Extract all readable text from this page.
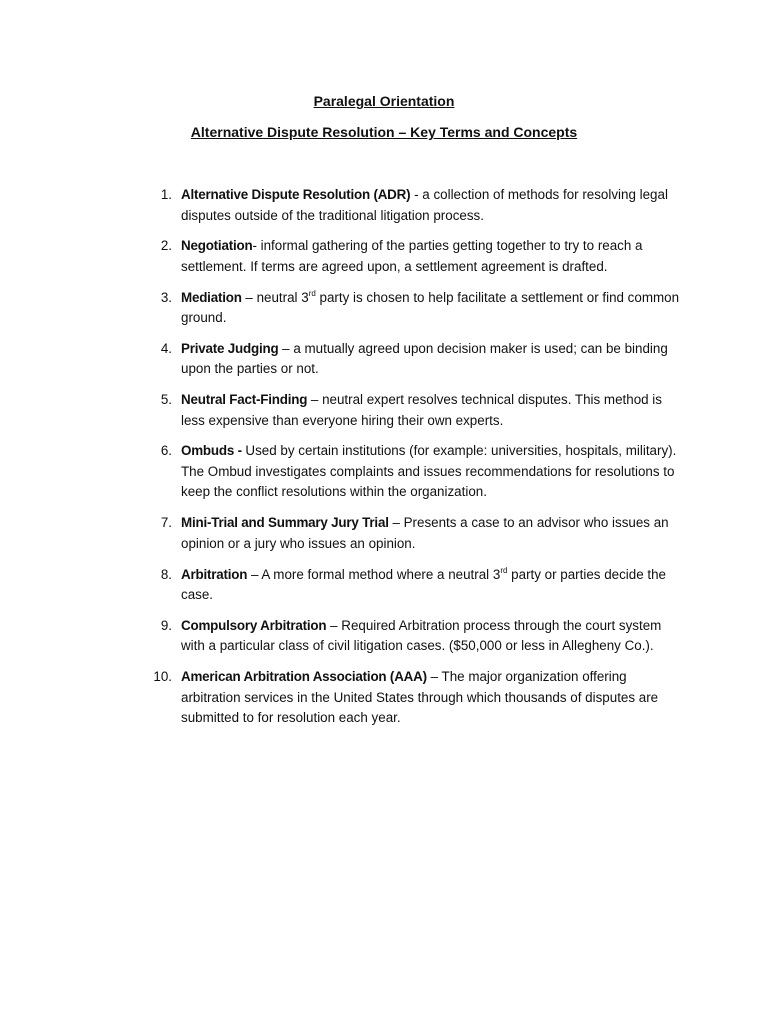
Paralegal Orientation
Alternative Dispute Resolution – Key Terms and Concepts
1. Alternative Dispute Resolution (ADR) - a collection of methods for resolving legal disputes outside of the traditional litigation process.
2. Negotiation- informal gathering of the parties getting together to try to reach a settlement. If terms are agreed upon, a settlement agreement is drafted.
3. Mediation – neutral 3rd party is chosen to help facilitate a settlement or find common ground.
4. Private Judging – a mutually agreed upon decision maker is used; can be binding upon the parties or not.
5. Neutral Fact-Finding – neutral expert resolves technical disputes. This method is less expensive than everyone hiring their own experts.
6. Ombuds - Used by certain institutions (for example: universities, hospitals, military). The Ombud investigates complaints and issues recommendations for resolutions to keep the conflict resolutions within the organization.
7. Mini-Trial and Summary Jury Trial – Presents a case to an advisor who issues an opinion or a jury who issues an opinion.
8. Arbitration – A more formal method where a neutral 3rd party or parties decide the case.
9. Compulsory Arbitration – Required Arbitration process through the court system with a particular class of civil litigation cases. ($50,000 or less in Allegheny Co.).
10. American Arbitration Association (AAA) – The major organization offering arbitration services in the United States through which thousands of disputes are submitted to for resolution each year.
